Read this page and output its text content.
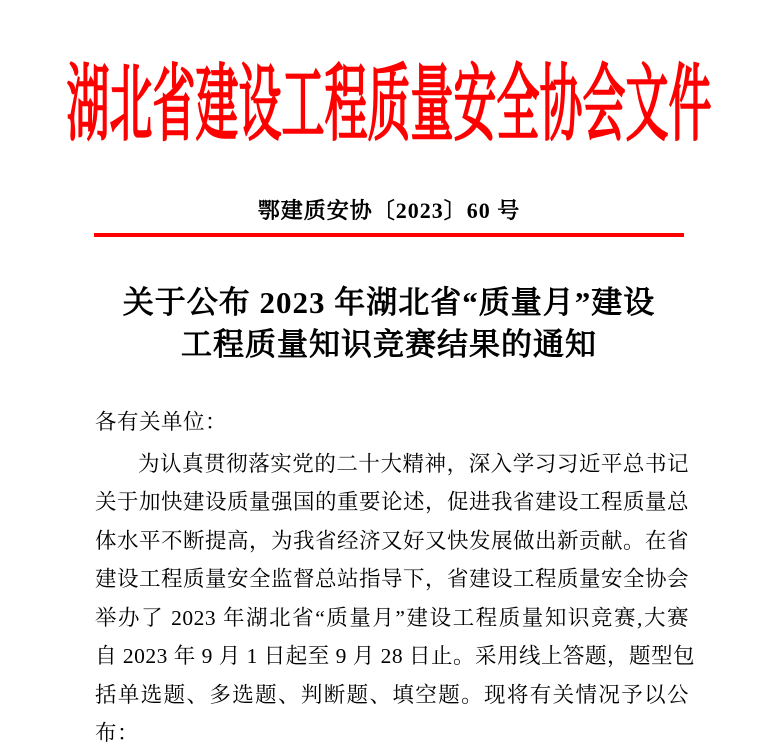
湖北省建设工程质量安全协会文件
鄂建质安协〔2023〕60 号
关于公布 2023 年湖北省“质量月”建设
工程质量知识竞赛结果的通知
各有关单位：
为认真贯彻落实党的二十大精神，深入学习习近平总书记
关于加快建设质量强国的重要论述，促进我省建设工程质量总
体水平不断提高，为我省经济又好又快发展做出新贡献。在省
建设工程质量安全监督总站指导下，省建设工程质量安全协会
举办了 2023 年湖北省“质量月”建设工程质量知识竞赛,大赛
自 2023 年 9 月 1 日起至 9 月 28 日止。采用线上答题，题型包
括单选题、多选题、判断题、填空题。现将有关情况予以公
布：
